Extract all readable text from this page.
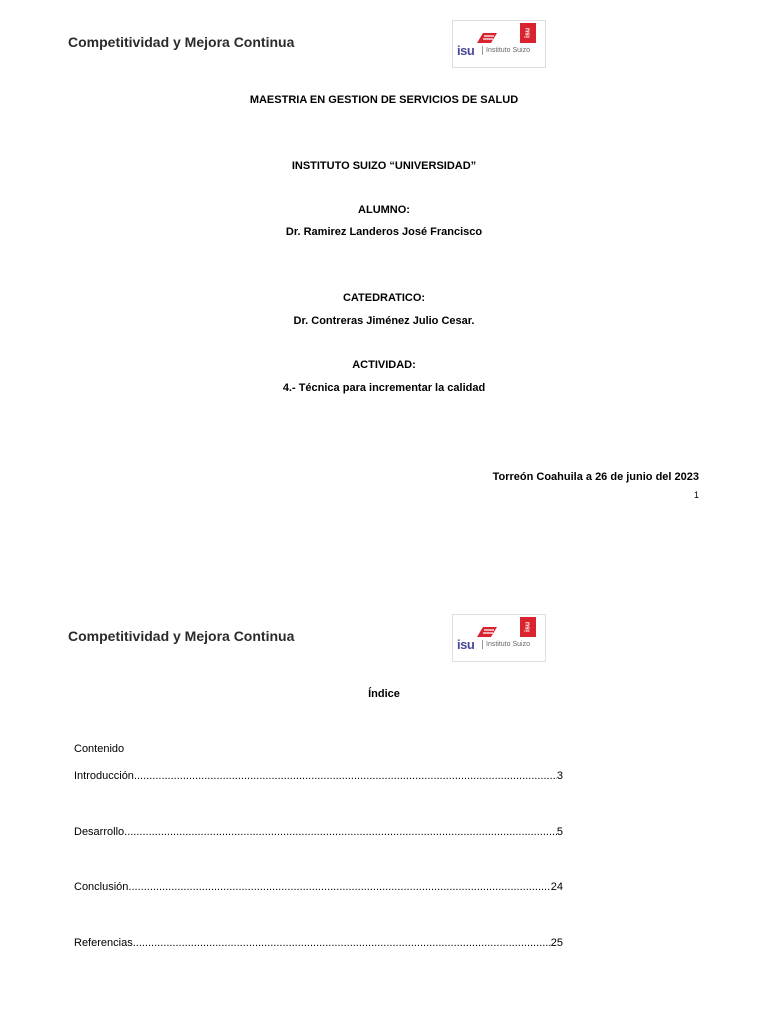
Competitividad y Mejora Continua
isu	Instituto Suizo
isu
MAESTRIA EN GESTION DE SERVICIOS DE SALUD
INSTITUTO SUIZO “UNIVERSIDAD”
ALUMNO:
Dr. Ramirez Landeros José Francisco
CATEDRATICO:
Dr. Contreras Jiménez Julio Cesar.
ACTIVIDAD:
4.- Técnica para incrementar la calidad
Torreón Coahuila a 26 de junio del 2023
1
Competitividad y Mejora Continua
isu	Instituto Suizo
isu
Índice
Contenido
Introducción .....	3
Desarrollo .....	5
Conclusión .....	24
Referencias .....	25
